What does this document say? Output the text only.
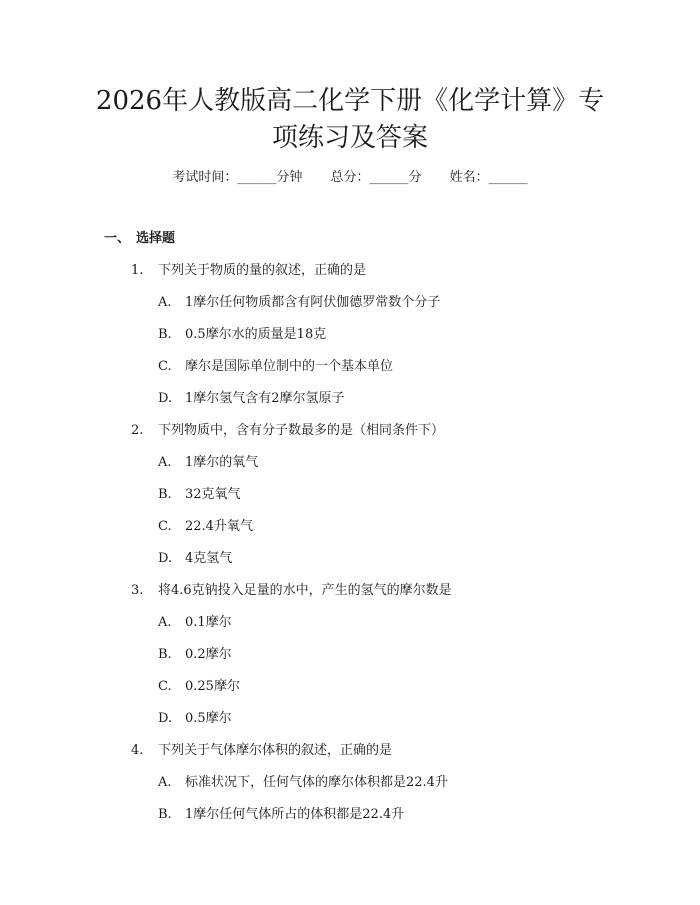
2026年人教版高二化学下册《化学计算》专
项练习及答案
考试时间：______分钟 总分：______分 姓名：______
一、 选择题
1. 下列关于物质的量的叙述，正确的是
A. 1摩尔任何物质都含有阿伏伽德罗常数个分子
B. 0.5摩尔水的质量是18克
C. 摩尔是国际单位制中的一个基本单位
D. 1摩尔氢气含有2摩尔氢原子
2. 下列物质中，含有分子数最多的是（相同条件下）
A. 1摩尔的氧气
B. 32克氧气
C. 22.4升氧气
D. 4克氢气
3. 将4.6克钠投入足量的水中，产生的氢气的摩尔数是
A. 0.1摩尔
B. 0.2摩尔
C. 0.25摩尔
D. 0.5摩尔
4. 下列关于气体摩尔体积的叙述，正确的是
A. 标准状况下，任何气体的摩尔体积都是22.4升
B. 1摩尔任何气体所占的体积都是22.4升
